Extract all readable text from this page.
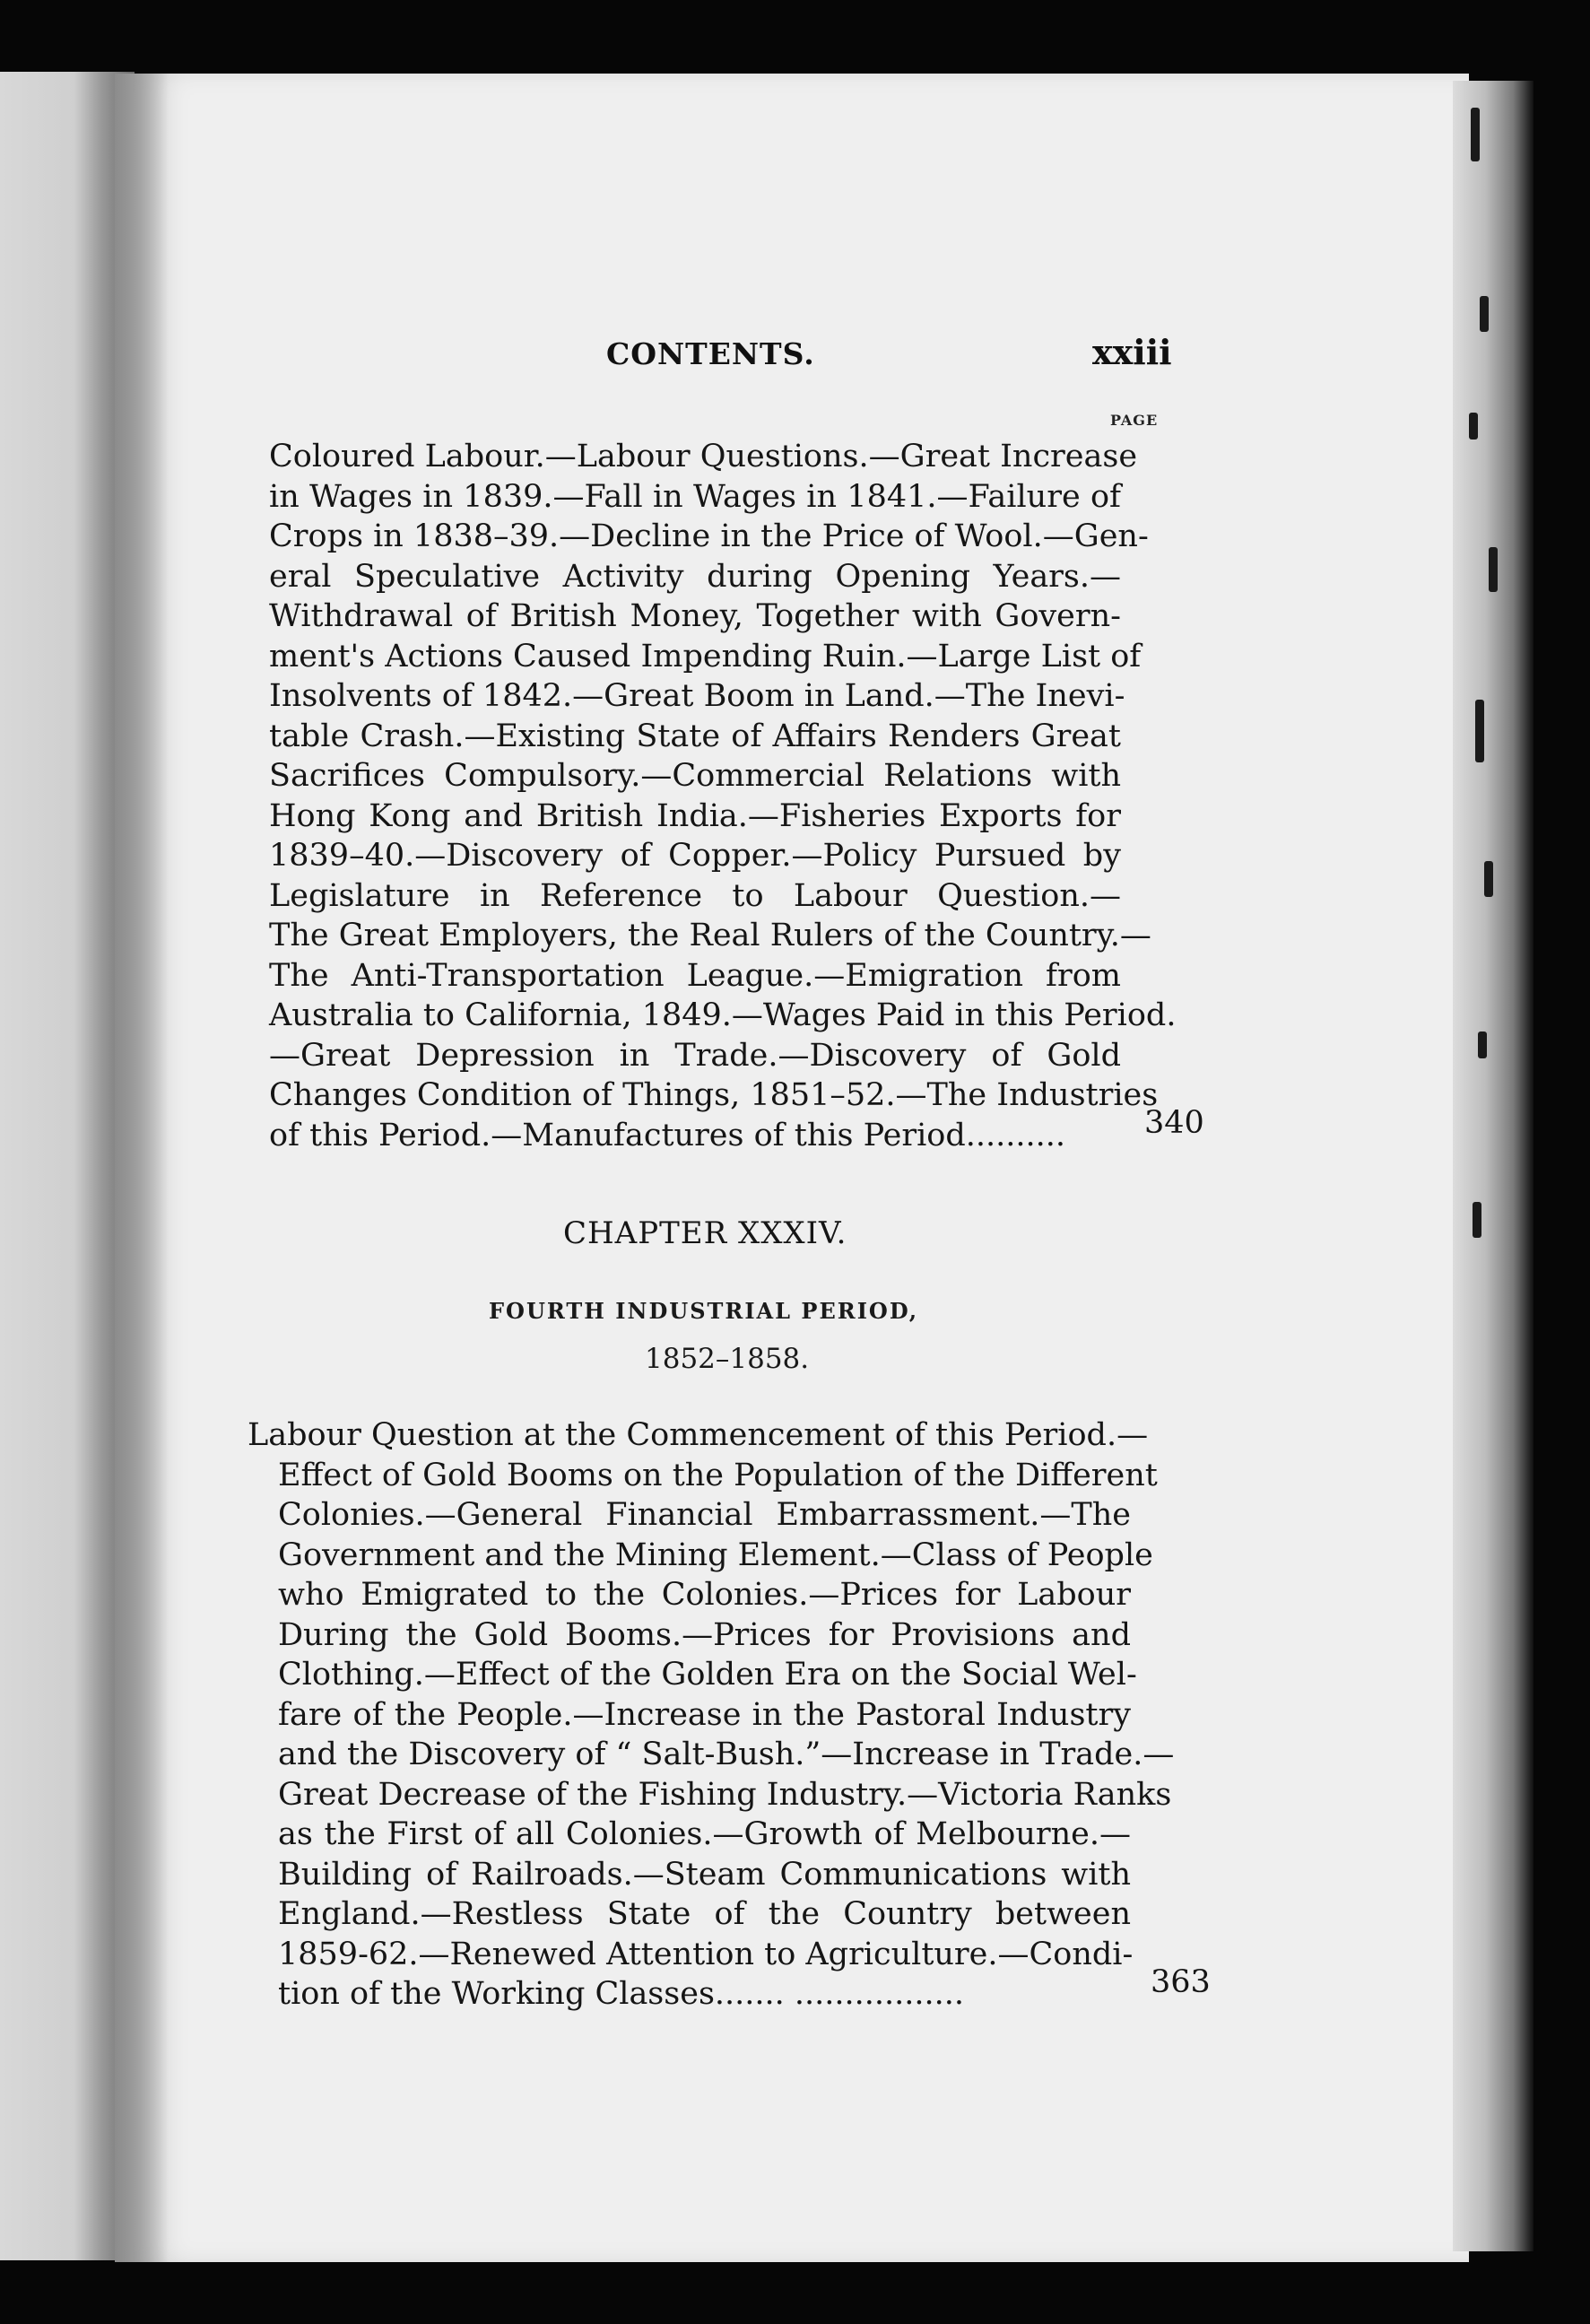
CONTENTS.	xxiii
PAGE
Coloured Labour.—Labour Questions.—Great Increase
in Wages in 1839.—Fall in Wages in 1841.—Failure of
Crops in 1838–39.—Decline in the Price of Wool.—Gen-
eral Speculative Activity during Opening Years.—
Withdrawal of British Money, Together with Govern-
ment's Actions Caused Impending Ruin.—Large List of
Insolvents of 1842.—Great Boom in Land.—The Inevi-
table Crash.—Existing State of Affairs Renders Great
Sacrifices Compulsory.—Commercial Relations with
Hong Kong and British India.—Fisheries Exports for
1839–40.—Discovery of Copper.—Policy Pursued by
Legislature in Reference to Labour Question.—
The Great Employers, the Real Rulers of the Country.—
The Anti-Transportation League.—Emigration from
Australia to California, 1849.—Wages Paid in this Period.
—Great Depression in Trade.—Discovery of Gold
Changes Condition of Things, 1851–52.—The Industries
of this Period.—Manufactures of this Period..........	340
CHAPTER XXXIV.
FOURTH INDUSTRIAL PERIOD,
1852–1858.
Labour Question at the Commencement of this Period.—
Effect of Gold Booms on the Population of the Different
Colonies.—General Financial Embarrassment.—The
Government and the Mining Element.—Class of People
who Emigrated to the Colonies.—Prices for Labour
During the Gold Booms.—Prices for Provisions and
Clothing.—Effect of the Golden Era on the Social Wel-
fare of the People.—Increase in the Pastoral Industry
and the Discovery of “ Salt-Bush.”—Increase in Trade.—
Great Decrease of the Fishing Industry.—Victoria Ranks
as the First of all Colonies.—Growth of Melbourne.—
Building of Railroads.—Steam Communications with
England.—Restless State of the Country between
1859-62.—Renewed Attention to Agriculture.—Condi-
tion of the Working Classes....... .................	363
